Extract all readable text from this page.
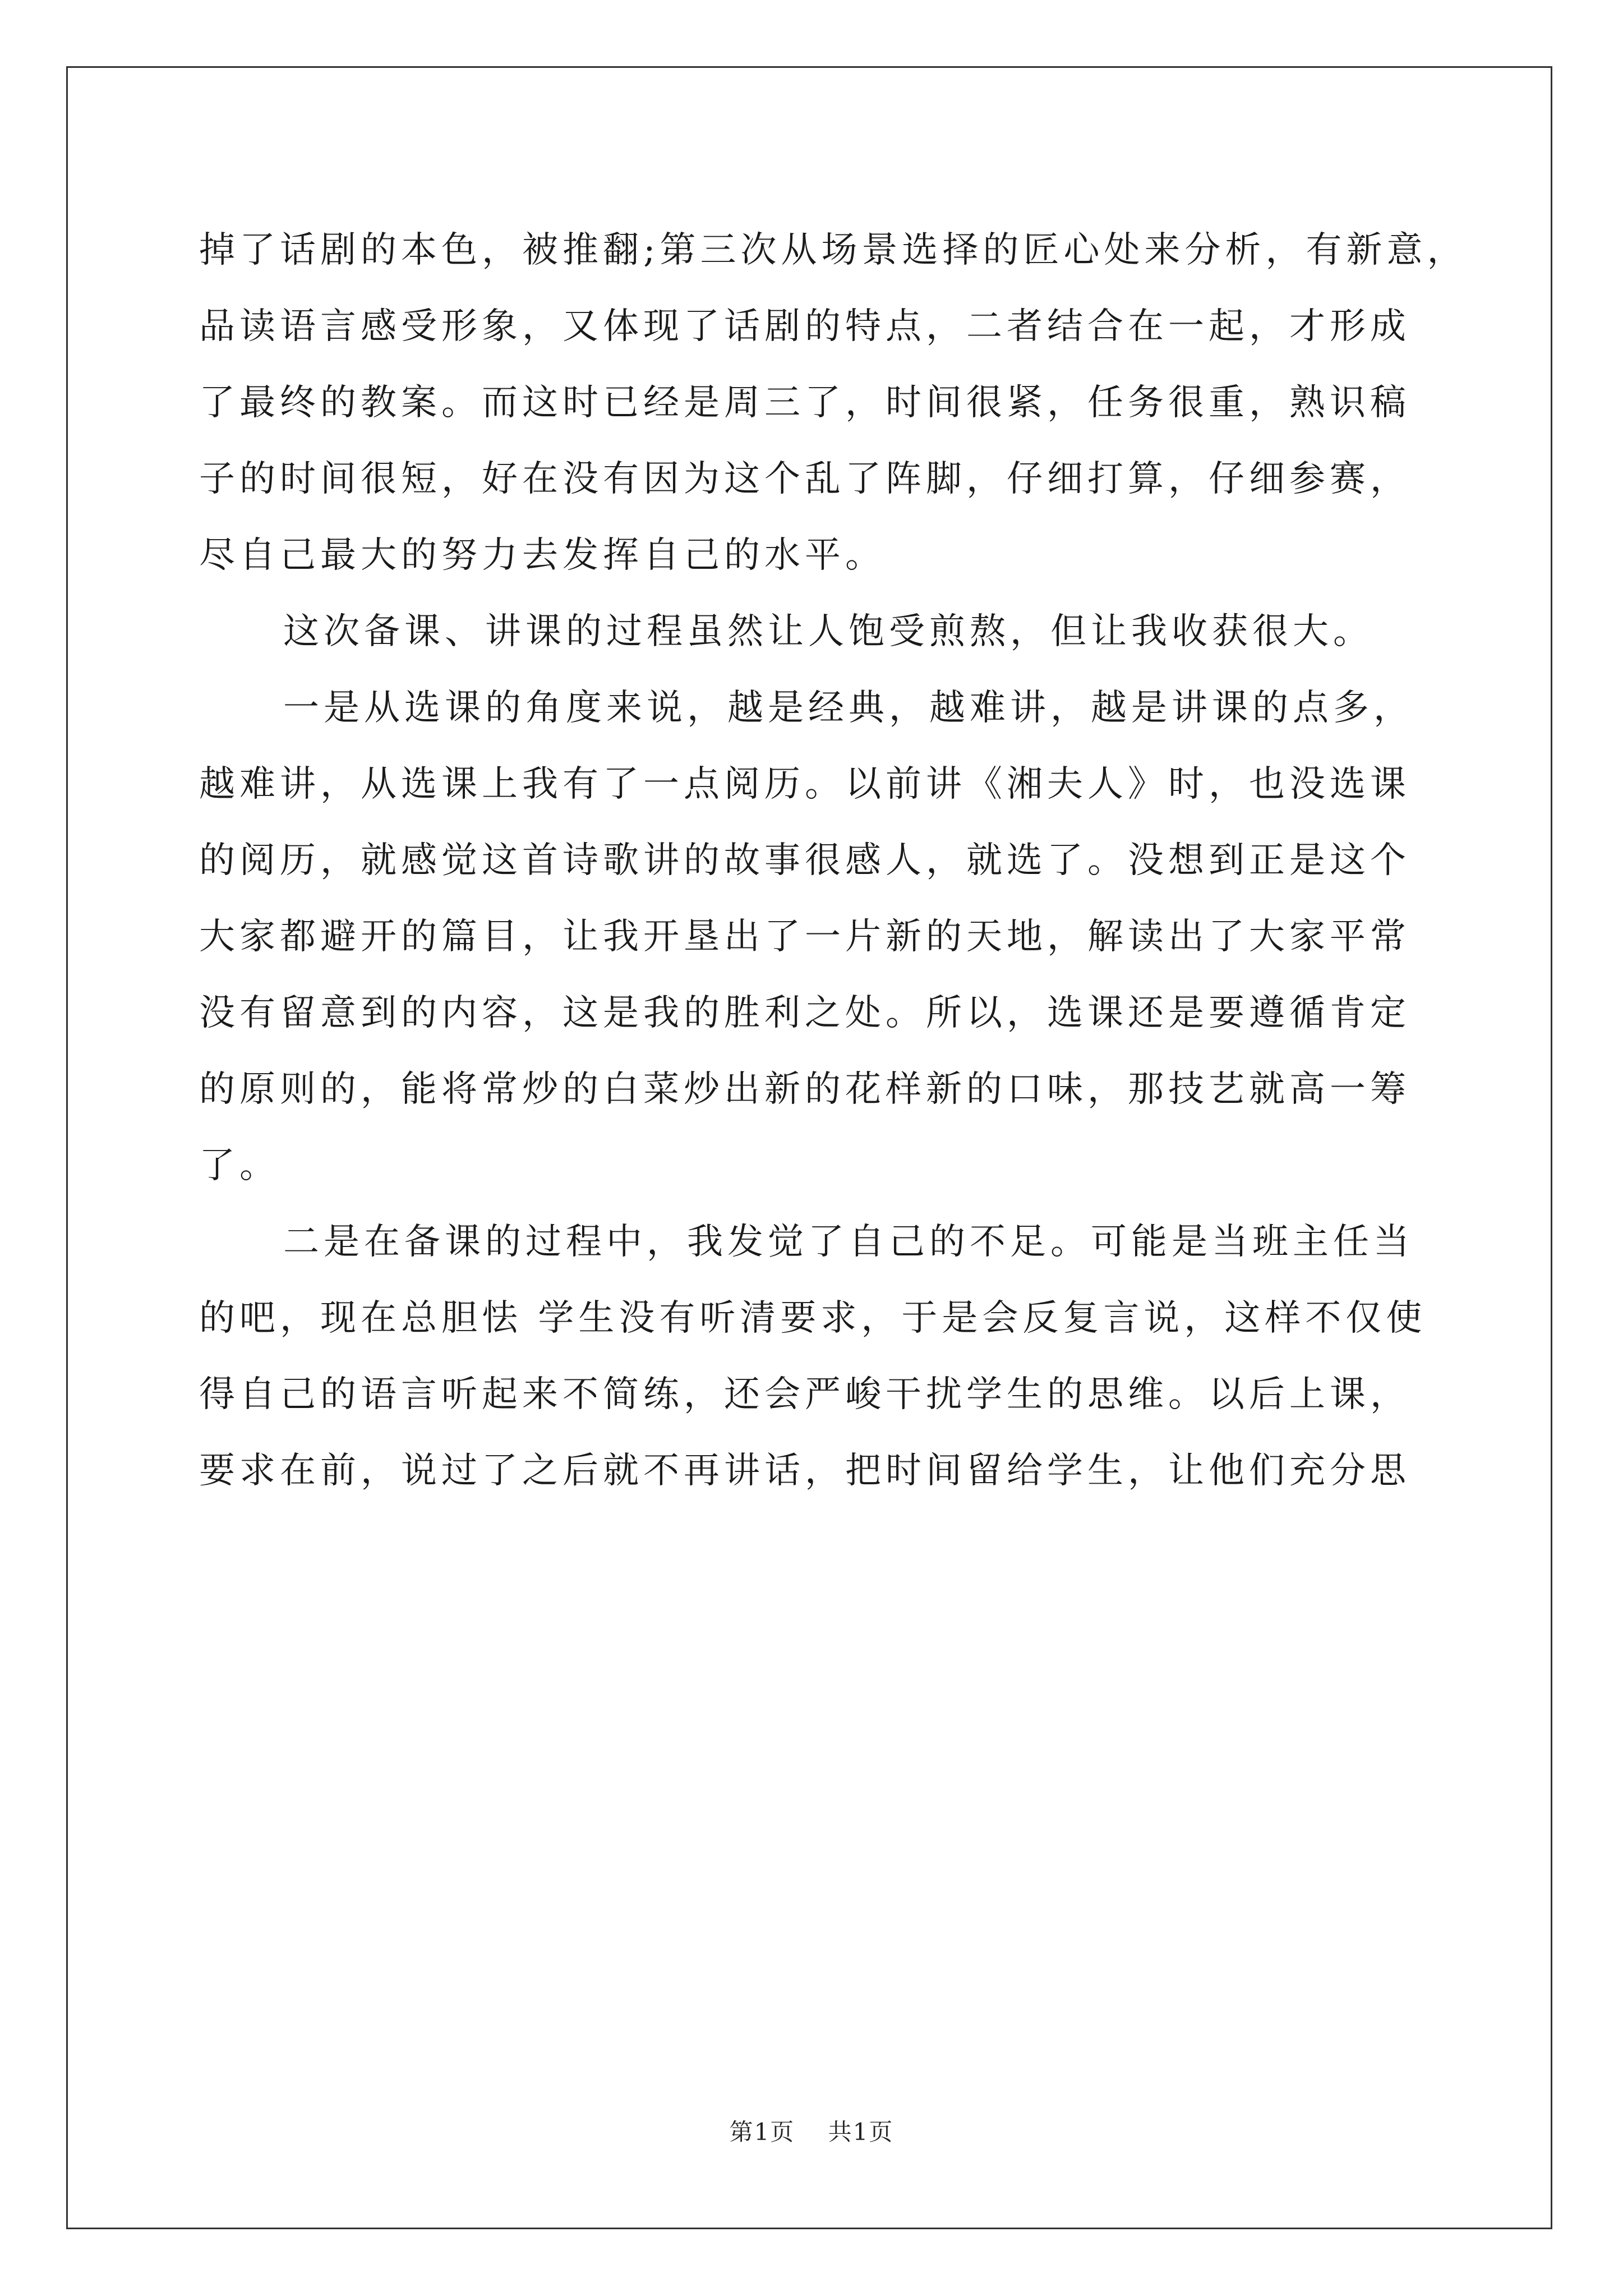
掉了话剧的本色，被推翻;第三次从场景选择的匠心处来分析，有新意，
品读语言感受形象，又体现了话剧的特点，二者结合在一起，才形成
了最终的教案。而这时已经是周三了，时间很紧，任务很重，熟识稿
子的时间很短，好在没有因为这个乱了阵脚，仔细打算，仔细参赛，
尽自己最大的努力去发挥自己的水平。
这次备课、讲课的过程虽然让人饱受煎熬，但让我收获很大。
一是从选课的角度来说，越是经典，越难讲，越是讲课的点多，
越难讲，从选课上我有了一点阅历。以前讲《湘夫人》时，也没选课
的阅历，就感觉这首诗歌讲的故事很感人，就选了。没想到正是这个
大家都避开的篇目，让我开垦出了一片新的天地，解读出了大家平常
没有留意到的内容，这是我的胜利之处。所以，选课还是要遵循肯定
的原则的，能将常炒的白菜炒出新的花样新的口味，那技艺就高一筹
了。
二是在备课的过程中，我发觉了自己的不足。可能是当班主任当
的吧，现在总胆怯 学生没有听清要求，于是会反复言说，这样不仅使
得自己的语言听起来不简练，还会严峻干扰学生的思维。以后上课，
要求在前，说过了之后就不再讲话，把时间留给学生，让他们充分思
第1页 共1页
